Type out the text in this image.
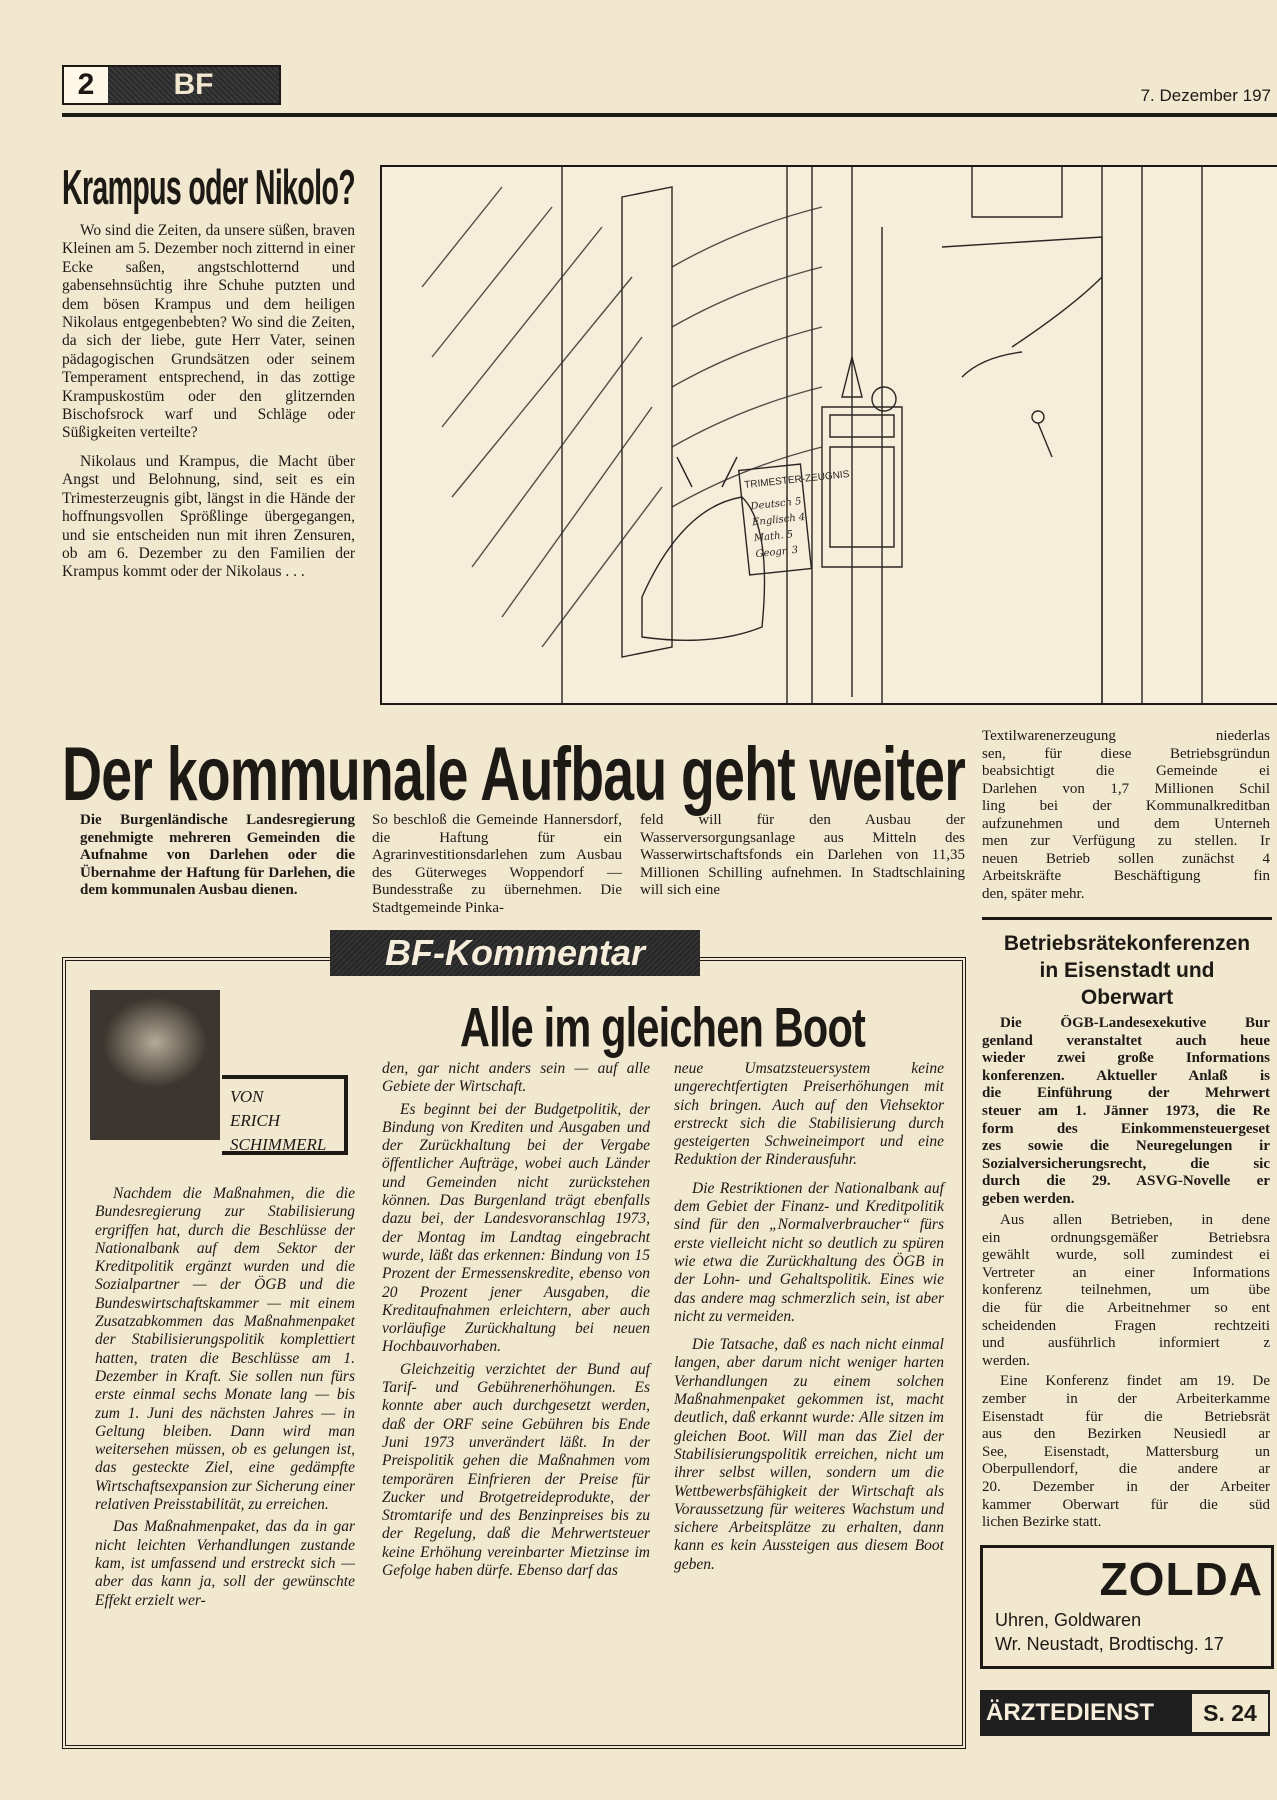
2	BF	7. Dezember 197
Krampus oder Nikolo?

Wo sind die Zeiten, da unsere süßen, braven Kleinen am 5. Dezember noch zitternd in einer Ecke saßen, angstschlotternd und gabensehnsüchtig ihre Schuhe putzten und dem bösen Krampus und dem heiligen Nikolaus entgegenbebten? Wo sind die Zeiten, da sich der liebe, gute Herr Vater, seinen pädagogischen Grundsätzen oder seinem Temperament entsprechend, in das zottige Krampuskostüm oder den glitzernden Bischofsrock warf und Schläge oder Süßigkeiten verteilte?

Nikolaus und Krampus, die Macht über Angst und Belohnung, sind, seit es ein Trimesterzeugnis gibt, längst in die Hände der hoffnungsvollen Sprößlinge übergegangen, und sie entscheiden nun mit ihren Zensuren, ob am 6. Dezember zu den Familien der Krampus kommt oder der Nikolaus . . .

TRIMESTER-ZEUGNIS
Deutsch 5
Englisch 4
Math. 5
Geogr. 3
Der kommunale Aufbau geht weiter
Die Burgenländische Landesregierung genehmigte mehreren Gemeinden die Aufnahme von Darlehen oder die Übernahme der Haftung für Darlehen, die dem kommunalen Ausbau dienen.
So beschloß die Gemeinde Hannersdorf, die Haftung für ein Agrarinvestitionsdarlehen zum Ausbau des Güterweges Woppendorf — Bundesstraße zu übernehmen. Die Stadtgemeinde Pinka-
feld will für den Ausbau der Wasserversorgungsanlage aus Mitteln des Wasserwirtschaftsfonds ein Darlehen von 11,35 Millionen Schilling aufnehmen. In Stadtschlaining will sich eine
Textilwarenerzeugung niederlas
sen, für diese Betriebsgründun
beabsichtigt die Gemeinde ei
Darlehen von 1,7 Millionen Schil
ling bei der Kommunalkreditban
aufzunehmen und dem Unterneh
men zur Verfügung zu stellen. Ir
neuen Betrieb sollen zunächst 4
Arbeitskräfte Beschäftigung fin
den, später mehr.
Betriebsrätekonferenzen
in Eisenstadt und
Oberwart
Die ÖGB-Landesexekutive Bur
genland veranstaltet auch heue
wieder zwei große Informations
konferenzen. Aktueller Anlaß is
die Einführung der Mehrwert
steuer am 1. Jänner 1973, die Re
form des Einkommensteuergeset
zes sowie die Neuregelungen ir
Sozialversicherungsrecht, die sic
durch die 29. ASVG-Novelle er
geben werden.
Aus allen Betrieben, in dene
ein ordnungsgemäßer Betriebsra
gewählt wurde, soll zumindest ei
Vertreter an einer Informations
konferenz teilnehmen, um übe
die für die Arbeitnehmer so ent
scheidenden Fragen rechtzeiti
und ausführlich informiert z
werden.
Eine Konferenz findet am 19. De
zember in der Arbeiterkamme
Eisenstadt für die Betriebsrät
aus den Bezirken Neusiedl ar
See, Eisenstadt, Mattersburg un
Oberpullendorf, die andere ar
20. Dezember in der Arbeiter
kammer Oberwart für die süd
lichen Bezirke statt.
ZOLDA
Uhren, Goldwaren
Wr. Neustadt, Brodtischg. 17
ÄRZTEDIENST	S. 24
BF-Kommentar
VON
ERICH
SCHIMMERL
Alle im gleichen Boot

Nachdem die Maßnahmen, die die Bundesregierung zur Stabilisierung ergriffen hat, durch die Beschlüsse der Nationalbank auf dem Sektor der Kreditpolitik ergänzt wurden und die Sozialpartner — der ÖGB und die Bundeswirtschaftskammer — mit einem Zusatzabkommen das Maßnahmenpaket der Stabilisierungspolitik komplettiert hatten, traten die Beschlüsse am 1. Dezember in Kraft. Sie sollen nun fürs erste einmal sechs Monate lang — bis zum 1. Juni des nächsten Jahres — in Geltung bleiben. Dann wird man weitersehen müssen, ob es gelungen ist, das gesteckte Ziel, eine gedämpfte Wirtschaftsexpansion zur Sicherung einer relativen Preisstabilität, zu erreichen.

Das Maßnahmenpaket, das da in gar nicht leichten Verhandlungen zustande kam, ist umfassend und erstreckt sich — aber das kann ja, soll der gewünschte Effekt erzielt wer-

den, gar nicht anders sein — auf alle Gebiete der Wirtschaft.

Es beginnt bei der Budgetpolitik, der Bindung von Krediten und Ausgaben und der Zurückhaltung bei der Vergabe öffentlicher Aufträge, wobei auch Länder und Gemeinden nicht zurückstehen können. Das Burgenland trägt ebenfalls dazu bei, der Landesvoranschlag 1973, der Montag im Landtag eingebracht wurde, läßt das erkennen: Bindung von 15 Prozent der Ermessenskredite, ebenso von 20 Prozent jener Ausgaben, die Kreditaufnahmen erleichtern, aber auch vorläufige Zurückhaltung bei neuen Hochbauvorhaben.

Gleichzeitig verzichtet der Bund auf Tarif- und Gebührenerhöhungen. Es konnte aber auch durchgesetzt werden, daß der ORF seine Gebühren bis Ende Juni 1973 unverändert läßt. In der Preispolitik gehen die Maßnahmen vom temporären Einfrieren der Preise für Zucker und Brotgetreideprodukte, der Stromtarife und des Benzinpreises bis zu der Regelung, daß die Mehrwertsteuer keine Erhöhung vereinbarter Mietzinse im Gefolge haben dürfe. Ebenso darf das

neue Umsatzsteuersystem keine ungerechtfertigten Preiserhöhungen mit sich bringen. Auch auf den Viehsektor erstreckt sich die Stabilisierung durch gesteigerten Schweineimport und eine Reduktion der Rinderausfuhr.

Die Restriktionen der Nationalbank auf dem Gebiet der Finanz- und Kreditpolitik sind für den „Normalverbraucher“ fürs erste vielleicht nicht so deutlich zu spüren wie etwa die Zurückhaltung des ÖGB in der Lohn- und Gehaltspolitik. Eines wie das andere mag schmerzlich sein, ist aber nicht zu vermeiden.

Die Tatsache, daß es nach nicht einmal langen, aber darum nicht weniger harten Verhandlungen zu einem solchen Maßnahmenpaket gekommen ist, macht deutlich, daß erkannt wurde: Alle sitzen im gleichen Boot. Will man das Ziel der Stabilisierungspolitik erreichen, nicht um ihrer selbst willen, sondern um die Wettbewerbsfähigkeit der Wirtschaft als Voraussetzung für weiteres Wachstum und sichere Arbeitsplätze zu erhalten, dann kann es kein Aussteigen aus diesem Boot geben.
